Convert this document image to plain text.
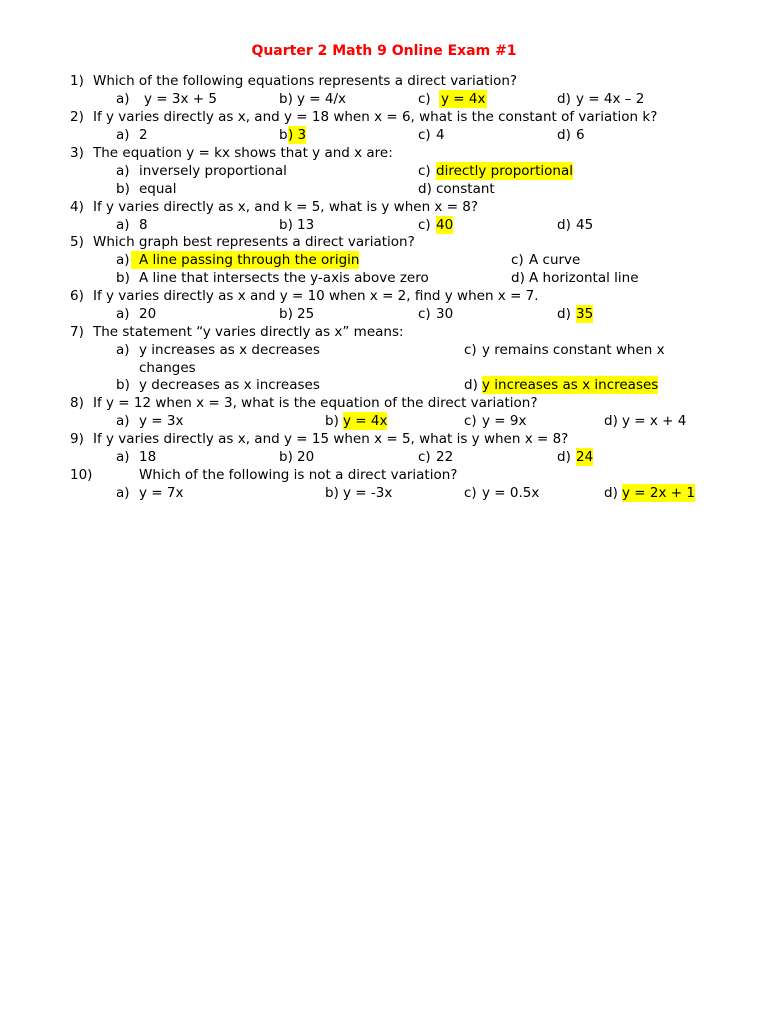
Quarter 2 Math 9 Online Exam #1
1) Which of the following equations represents a direct variation?
a) y = 3x + 5	b) y = 4/x	c) y = 4x	d) y = 4x – 2
2) If y varies directly as x, and y = 18 when x = 6, what is the constant of variation k?
a) 2	b ) 3	c) 4	d) 6
3) The equation y = kx shows that y and x are:
a) inversely proportional	c) directly proportional
b) equal	d) constant
4) If y varies directly as x, and k = 5, what is y when x = 8?
a) 8	b) 13	c) 40	d) 45
5) Which graph best represents a direct variation?
a) A line passing through the origin	c) A curve
b) A line that intersects the y-axis above zero	d) A horizontal line
6) If y varies directly as x and y = 10 when x = 2, find y when x = 7.
a) 20	b) 25	c) 30	d) 35
7) The statement “y varies directly as x” means:
a) y increases as x decreases	c) y remains constant when x
changes
b) y decreases as x increases	d) y increases as x increases
8) If y = 12 when x = 3, what is the equation of the direct variation?
a) y = 3x	b) y = 4x	c) y = 9x	d) y = x + 4
9) If y varies directly as x, and y = 15 when x = 5, what is y when x = 8?
a) 18	b) 20	c) 22	d) 24
10)	Which of the following is not a direct variation?
a) y = 7x	b) y = -3x	c) y = 0.5x	d) y = 2x + 1
